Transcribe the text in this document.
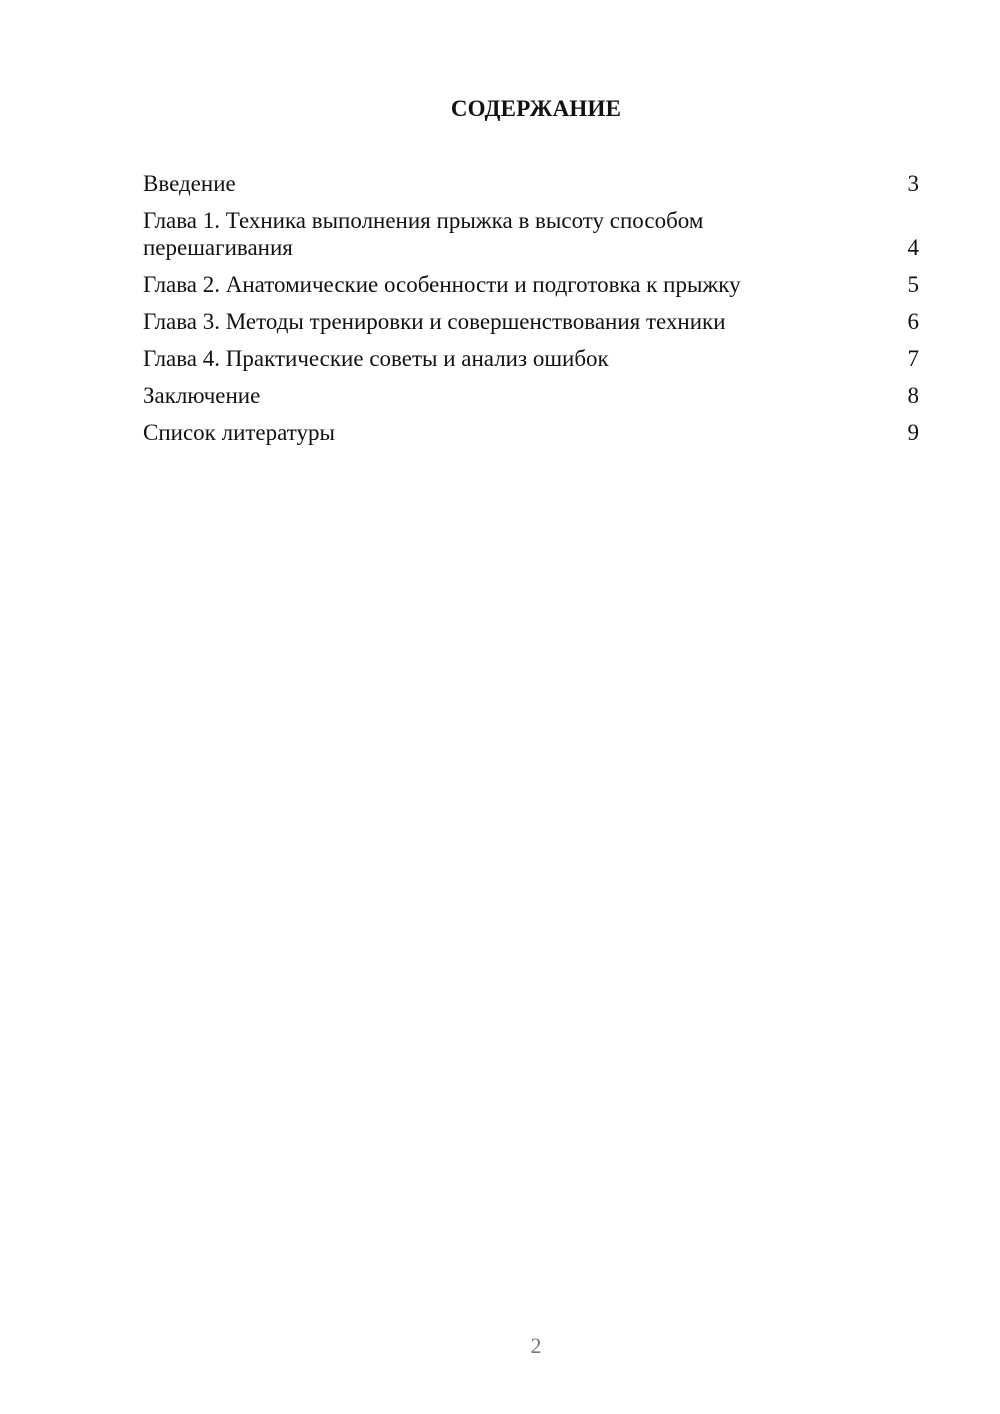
СОДЕРЖАНИЕ
Введение	3
Глава 1. Техника выполнения прыжка в высоту способом перешагивания	4
Глава 2. Анатомические особенности и подготовка к прыжку	5
Глава 3. Методы тренировки и совершенствования техники	6
Глава 4. Практические советы и анализ ошибок	7
Заключение	8
Список литературы	9
2
